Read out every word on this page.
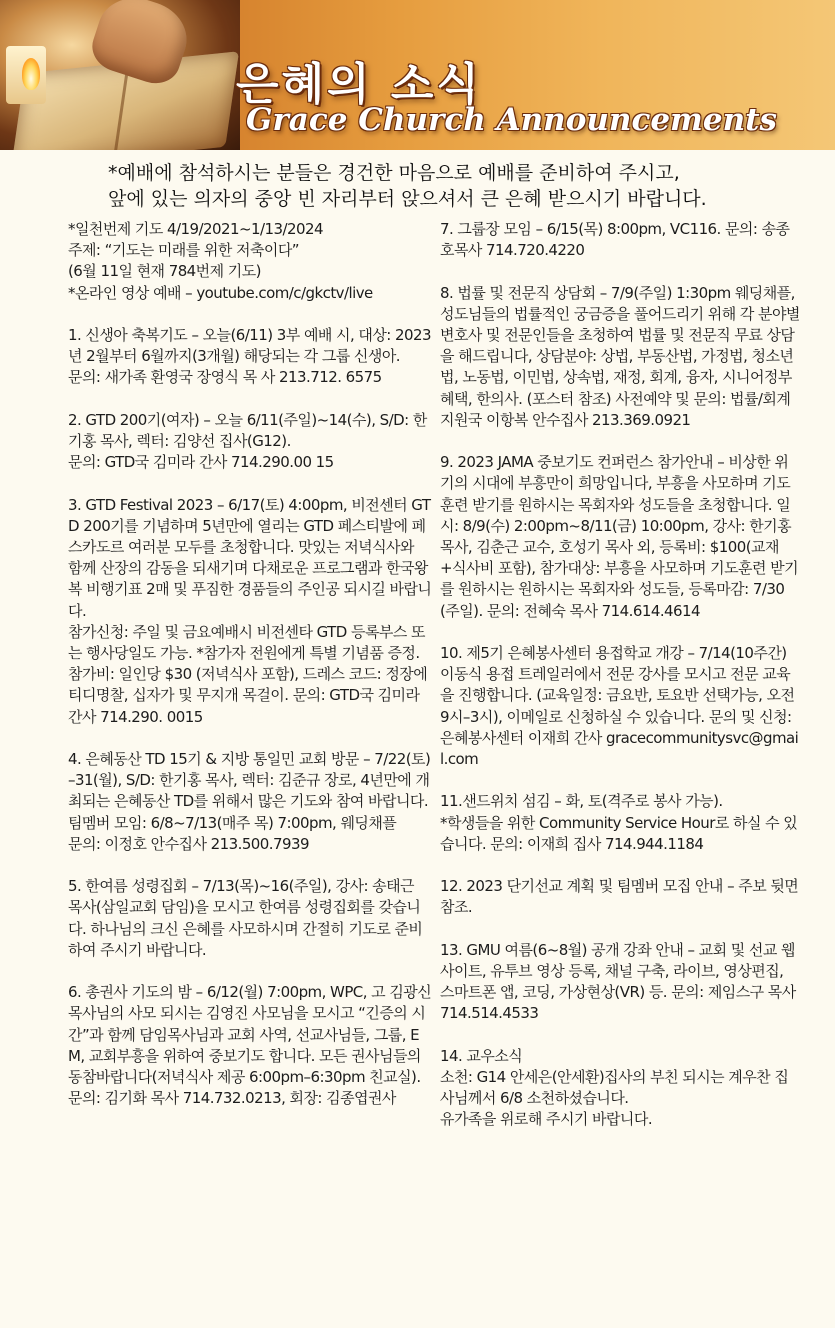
은혜의 소식
Grace Church Announcements
*예배에 참석하시는 분들은 경건한 마음으로 예배를 준비하여 주시고,
앞에 있는 의자의 중앙 빈 자리부터 앉으셔서 큰 은혜 받으시기 바랍니다.

*일천번제 기도 4/19/2021~1/13/2024
주제: “기도는 미래를 위한 저축이다”
(6월 11일 현재 784번제 기도)
*온라인 영상 예배 – youtube.com/c/gkctv/live

1. 신생아 축복기도 – 오늘(6/11) 3부 예배 시, 대상: 2023년 2월부터 6월까지(3개월) 해당되는 각 그룹 신생아.
문의: 새가족 환영국 장영식 목 사 213.712. 6575

2. GTD 200기(여자) – 오늘 6/11(주일)~14(수), S/D: 한기홍 목사, 렉터: 김양선 집사(G12).
문의: GTD국 김미라 간사 714.290.00 15

3. GTD Festival 2023 – 6/17(토) 4:00pm, 비전센터 GTD 200기를 기념하며 5년만에 열리는 GTD 페스티발에 페스카도르 여러분 모두를 초청합니다. 맛있는 저녁식사와 함께 산장의 감동을 되새기며 다채로운 프로그램과 한국왕복 비행기표 2매 및 푸짐한 경품들의 주인공 되시길 바랍니다.
참가신청: 주일 및 금요예배시 비전센타 GTD 등록부스 또는 행사당일도 가능. *참가자 전원에게 특별 기념품 증정. 참가비: 일인당 $30 (저녁식사 포함), 드레스 코드: 정장에 티디명찰, 십자가 및 무지개 목걸이. 문의: GTD국 김미라 간사 714.290. 0015

4. 은혜동산 TD 15기 & 지방 통일민 교회 방문 – 7/22(토)–31(월), S/D: 한기홍 목사, 렉터: 김준규 장로, 4년만에 개최되는 은혜동산 TD를 위해서 많은 기도와 참여 바랍니다. 팀멤버 모임: 6/8~7/13(매주 목) 7:00pm, 웨딩채플
문의: 이정호 안수집사 213.500.7939

5. 한여름 성령집회 – 7/13(목)~16(주일), 강사: 송태근 목사(삼일교회 담임)을 모시고 한여름 성령집회를 갖습니다. 하나님의 크신 은혜를 사모하시며 간절히 기도로 준비하여 주시기 바랍니다.

6. 총권사 기도의 밤 – 6/12(월) 7:00pm, WPC, 고 김광신 목사님의 사모 되시는 김영진 사모님을 모시고 “긴증의 시간”과 함께 담임목사님과 교회 사역, 선교사님들, 그룹, EM, 교회부흥을 위하여 중보기도 합니다. 모든 권사님들의 동참바랍니다(저녁식사 제공 6:00pm–6:30pm 친교실). 문의: 김기화 목사 714.732.0213, 회장: 김종엽권사

7. 그룹장 모임 – 6/15(목) 8:00pm, VC116. 문의: 송종호목사 714.720.4220

8. 법률 및 전문직 상담회 – 7/9(주일) 1:30pm 웨딩채플, 성도님들의 법률적인 궁금증을 풀어드리기 위해 각 분야별 변호사 및 전문인들을 초청하여 법률 및 전문직 무료 상담을 해드립니다, 상담분야: 상법, 부동산법, 가정법, 청소년법, 노동법, 이민법, 상속법, 재정, 회계, 융자, 시니어정부혜택, 한의사. (포스터 참조) 사전예약 및 문의: 법률/회계지원국 이항복 안수집사 213.369.0921

9. 2023 JAMA 중보기도 컨퍼런스 참가안내 – 비상한 위기의 시대에 부흥만이 희망입니다, 부흥을 사모하며 기도훈련 받기를 원하시는 목회자와 성도들을 초청합니다. 일시: 8/9(수) 2:00pm~8/11(금) 10:00pm, 강사: 한기홍 목사, 김춘근 교수, 호성기 목사 외, 등록비: $100(교재+식사비 포함), 참가대상: 부흥을 사모하며 기도훈련 받기를 원하시는 원하시는 목회자와 성도들, 등록마감: 7/30(주일). 문의: 전혜숙 목사 714.614.4614

10. 제5기 은혜봉사센터 용접학교 개강 – 7/14(10주간) 이동식 용접 트레일러에서 전문 강사를 모시고 전문 교육을 진행합니다. (교육일정: 금요반, 토요반 선택가능, 오전 9시–3시), 이메일로 신청하실 수 있습니다. 문의 및 신청: 은혜봉사센터 이재희 간사 gracecommunitysvc@gmail.com

11.샌드위치 섬김 – 화, 토(격주로 봉사 가능).
*학생들을 위한 Community Service Hour로 하실 수 있습니다. 문의: 이재희 집사 714.944.1184

12. 2023 단기선교 계획 및 팀멤버 모집 안내 – 주보 뒷면 참조.

13. GMU 여름(6~8월) 공개 강좌 안내 – 교회 및 선교 웹사이트, 유투브 영상 등록, 채널 구축, 라이브, 영상편집, 스마트폰 앱, 코딩, 가상현상(VR) 등. 문의: 제임스구 목사 714.514.4533

14. 교우소식
소천: G14 안세은(안세환)집사의 부친 되시는 계우찬 집사님께서 6/8 소천하셨습니다.
유가족을 위로해 주시기 바랍니다.
